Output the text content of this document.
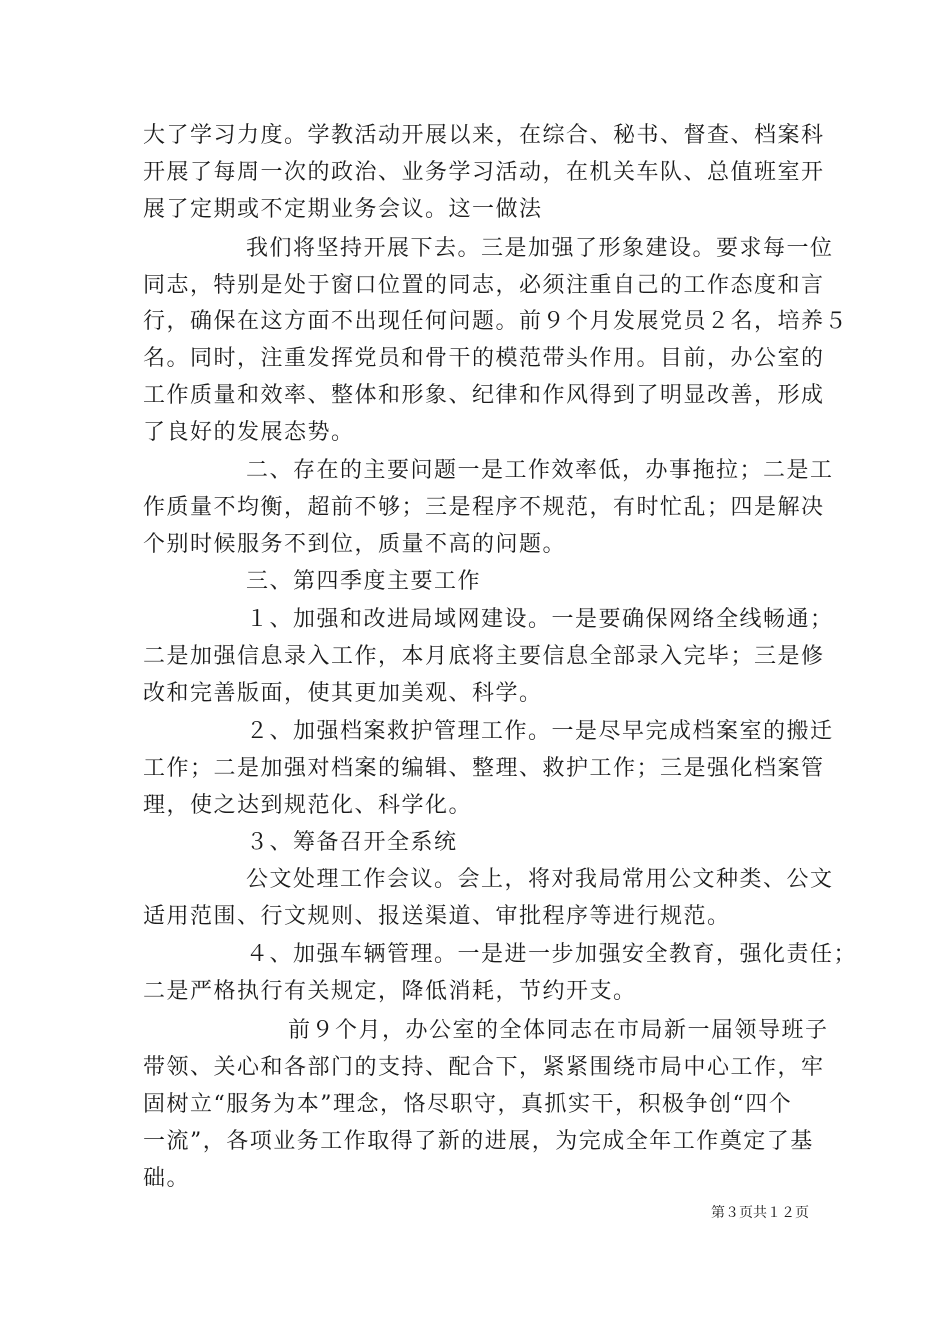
大了学习力度。学教活动开展以来，在综合、秘书、督查、档案科
开展了每周一次的政治、业务学习活动，在机关车队、总值班室开
展了定期或不定期业务会议。这一做法
我们将坚持开展下去。三是加强了形象建设。要求每一位
同志，特别是处于窗口位置的同志，必须注重自己的工作态度和言
行，确保在这方面不出现任何问题。前９个月发展党员２名，培养５
名。同时，注重发挥党员和骨干的模范带头作用。目前，办公室的
工作质量和效率、整体和形象、纪律和作风得到了明显改善，形成
了良好的发展态势。
二、存在的主要问题一是工作效率低，办事拖拉；二是工
作质量不均衡，超前不够；三是程序不规范，有时忙乱；四是解决
个别时候服务不到位，质量不高的问题。
三、第四季度主要工作
１、加强和改进局域网建设。一是要确保网络全线畅通；
二是加强信息录入工作，本月底将主要信息全部录入完毕；三是修
改和完善版面，使其更加美观、科学。
２、加强档案救护管理工作。一是尽早完成档案室的搬迁
工作；二是加强对档案的编辑、整理、救护工作；三是强化档案管
理，使之达到规范化、科学化。
３、筹备召开全系统
公文处理工作会议。会上，将对我局常用公文种类、公文
适用范围、行文规则、报送渠道、审批程序等进行规范。
４、加强车辆管理。一是进一步加强安全教育，强化责任；
二是严格执行有关规定，降低消耗，节约开支。
前９个月，办公室的全体同志在市局新一届领导班子
带领、关心和各部门的支持、配合下，紧紧围绕市局中心工作，牢
固树立“服务为本”理念，恪尽职守，真抓实干，积极争创“四个
一流”，各项业务工作取得了新的进展，为完成全年工作奠定了基
础。
第３页共１２页
